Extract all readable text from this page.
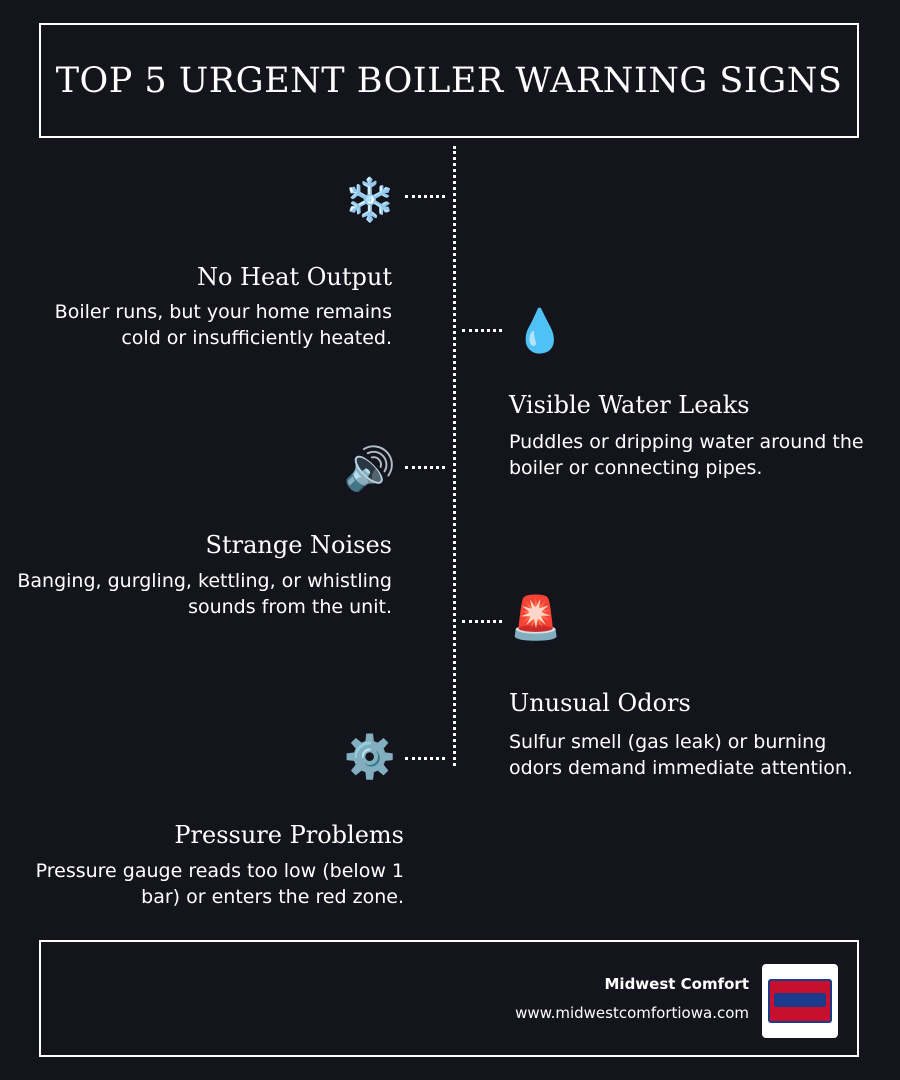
TOP 5 URGENT BOILER WARNING SIGNS
❄️
No Heat Output

Boiler runs, but your home remains cold or insufficiently heated.	💧
Visible Water Leaks

Puddles or dripping water around the boiler or connecting pipes.

🔊
Strange Noises

Banging, gurgling, kettling, or whistling sounds from the unit.	🚨
Unusual Odors

Sulfur smell (gas leak) or burning odors demand immediate attention.

⚙️
Pressure Problems

Pressure gauge reads too low (below 1 bar) or enters the red zone.

Midwest Comfort
www.midwestcomfortiowa.com
